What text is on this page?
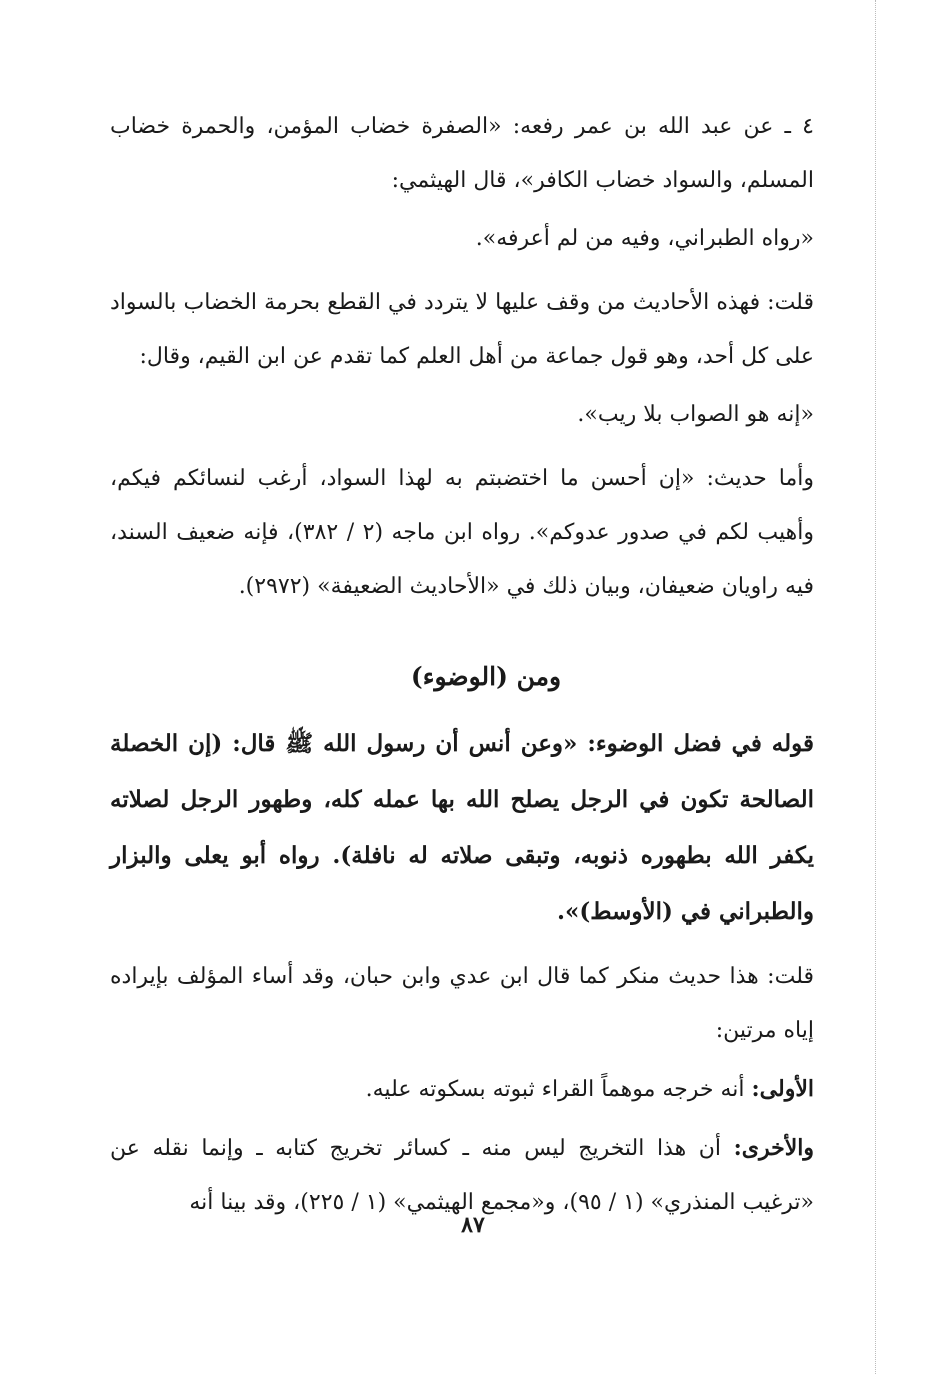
٤ ـ عن عبد الله بن عمر رفعه: «الصفرة خضاب المؤمن، والحمرة خضاب المسلم، والسواد خضاب الكافر»، قال الهيثمي:

«رواه الطبراني، وفيه من لم أعرفه».

قلت: فهذه الأحاديث من وقف عليها لا يتردد في القطع بحرمة الخضاب بالسواد على كل أحد، وهو قول جماعة من أهل العلم كما تقدم عن ابن القيم، وقال:

«إنه هو الصواب بلا ريب».

وأما حديث: «إن أحسن ما اختضبتم به لهذا السواد، أرغب لنسائكم فيكم، وأهيب لكم في صدور عدوكم». رواه ابن ماجه (٢ / ٣٨٢)، فإنه ضعيف السند، فيه راويان ضعيفان، وبيان ذلك في «الأحاديث الضعيفة» (٢٩٧٢).

ومن (الوضوء)

قوله في فضل الوضوء: «وعن أنس أن رسول الله ﷺ قال: (إن الخصلة الصالحة تكون في الرجل يصلح الله بها عمله كله، وطهور الرجل لصلاته يكفر الله بطهوره ذنوبه، وتبقى صلاته له نافلة). رواه أبو يعلى والبزار والطبراني في (الأوسط)».

قلت: هذا حديث منكر كما قال ابن عدي وابن حبان، وقد أساء المؤلف بإيراده إياه مرتين:

الأولى: أنه خرجه موهماً القراء ثبوته بسكوته عليه.

والأخرى: أن هذا التخريج ليس منه ـ كسائر تخريج كتابه ـ وإنما نقله عن «ترغيب المنذري» (١ / ٩٥)، و«مجمع الهيثمي» (١ / ٢٢٥)، وقد بينا أنه

٨٧
